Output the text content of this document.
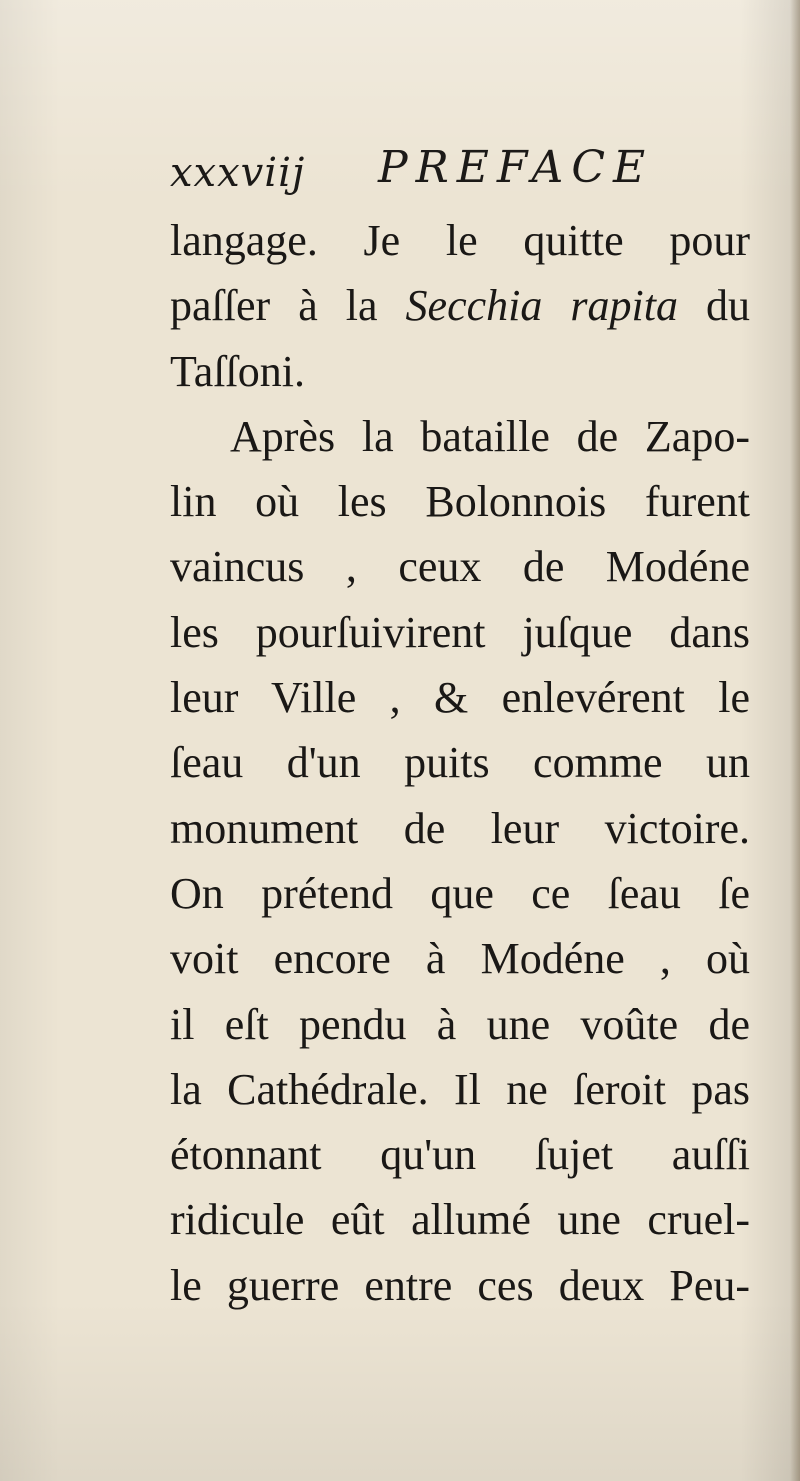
xxxviij PREFACE
langage. Je le quitte pour
paſſer à la Secchia rapita du
Taſſoni.
Après la bataille de Zapo-
lin où les Bolonnois furent
vaincus , ceux de Modéne
les pourſuivirent juſque dans
leur Ville , & enlevérent le
ſeau d'un puits comme un
monument de leur victoire.
On prétend que ce ſeau ſe
voit encore à Modéne , où
il eſt pendu à une voûte de
la Cathédrale. Il ne ſeroit pas
étonnant qu'un ſujet auſſi
ridicule eût allumé une cruel-
le guerre entre ces deux Peu-
